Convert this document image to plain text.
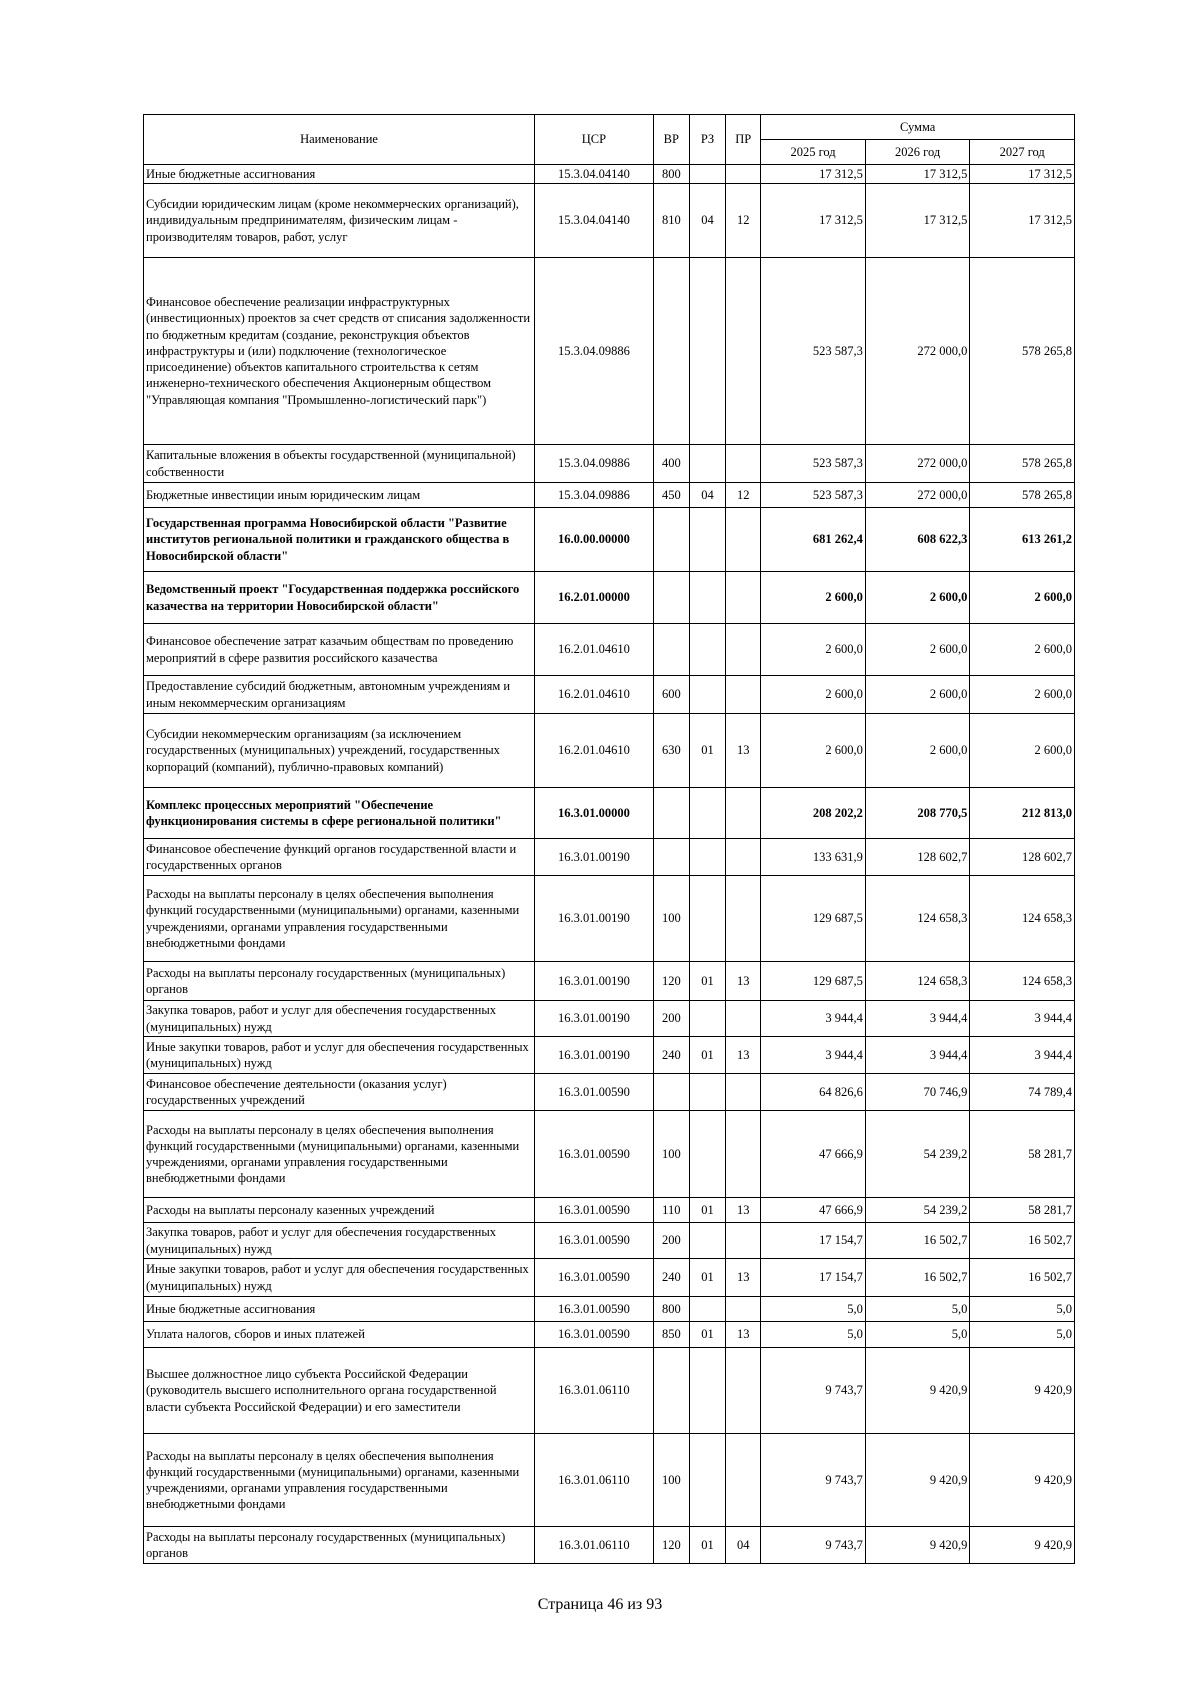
Наименование	ЦСР	ВР	РЗ	ПР	Сумма		
					2025 год	2026 год	2027 год
Иные бюджетные ассигнования	15.3.04.04140	800			17 312,5	17 312,5	17 312,5
Субсидии юридическим лицам (кроме некоммерческих организаций), индивидуальным предпринимателям, физическим лицам - производителям товаров, работ, услуг	15.3.04.04140	810	04	12	17 312,5	17 312,5	17 312,5
Финансовое обеспечение реализации инфраструктурных (инвестиционных) проектов за счет средств от списания задолженности по бюджетным кредитам (создание, реконструкция объектов инфраструктуры и (или) подключение (технологическое присоединение) объектов капитального строительства к сетям инженерно-технического обеспечения Акционерным обществом "Управляющая компания "Промышленно-логистический парк")	15.3.04.09886				523 587,3	272 000,0	578 265,8
Капитальные вложения в объекты государственной (муниципальной) собственности	15.3.04.09886	400			523 587,3	272 000,0	578 265,8
Бюджетные инвестиции иным юридическим лицам	15.3.04.09886	450	04	12	523 587,3	272 000,0	578 265,8
Государственная программа Новосибирской области "Развитие институтов региональной политики и гражданского общества в Новосибирской области"	16.0.00.00000				681 262,4	608 622,3	613 261,2
Ведомственный проект "Государственная поддержка российского казачества на территории Новосибирской области"	16.2.01.00000				2 600,0	2 600,0	2 600,0
Финансовое обеспечение затрат казачьим обществам по проведению мероприятий в сфере развития российского казачества	16.2.01.04610				2 600,0	2 600,0	2 600,0
Предоставление субсидий бюджетным, автономным учреждениям и иным некоммерческим организациям	16.2.01.04610	600			2 600,0	2 600,0	2 600,0
Субсидии некоммерческим организациям (за исключением государственных (муниципальных) учреждений, государственных корпораций (компаний), публично-правовых компаний)	16.2.01.04610	630	01	13	2 600,0	2 600,0	2 600,0
Комплекс процессных мероприятий "Обеспечение функционирования системы в сфере региональной политики"	16.3.01.00000				208 202,2	208 770,5	212 813,0
Финансовое обеспечение функций органов государственной власти и государственных органов	16.3.01.00190				133 631,9	128 602,7	128 602,7
Расходы на выплаты персоналу в целях обеспечения выполнения функций государственными (муниципальными) органами, казенными учреждениями, органами управления государственными внебюджетными фондами	16.3.01.00190	100			129 687,5	124 658,3	124 658,3
Расходы на выплаты персоналу государственных (муниципальных) органов	16.3.01.00190	120	01	13	129 687,5	124 658,3	124 658,3
Закупка товаров, работ и услуг для обеспечения государственных (муниципальных) нужд	16.3.01.00190	200			3 944,4	3 944,4	3 944,4
Иные закупки товаров, работ и услуг для обеспечения государственных (муниципальных) нужд	16.3.01.00190	240	01	13	3 944,4	3 944,4	3 944,4
Финансовое обеспечение деятельности (оказания услуг) государственных учреждений	16.3.01.00590				64 826,6	70 746,9	74 789,4
Расходы на выплаты персоналу в целях обеспечения выполнения функций государственными (муниципальными) органами, казенными учреждениями, органами управления государственными внебюджетными фондами	16.3.01.00590	100			47 666,9	54 239,2	58 281,7
Расходы на выплаты персоналу казенных учреждений	16.3.01.00590	110	01	13	47 666,9	54 239,2	58 281,7
Закупка товаров, работ и услуг для обеспечения государственных (муниципальных) нужд	16.3.01.00590	200			17 154,7	16 502,7	16 502,7
Иные закупки товаров, работ и услуг для обеспечения государственных (муниципальных) нужд	16.3.01.00590	240	01	13	17 154,7	16 502,7	16 502,7
Иные бюджетные ассигнования	16.3.01.00590	800			5,0	5,0	5,0
Уплата налогов, сборов и иных платежей	16.3.01.00590	850	01	13	5,0	5,0	5,0
Высшее должностное лицо субъекта Российской Федерации (руководитель высшего исполнительного органа государственной власти субъекта Российской Федерации) и его заместители	16.3.01.06110				9 743,7	9 420,9	9 420,9
Расходы на выплаты персоналу в целях обеспечения выполнения функций государственными (муниципальными) органами, казенными учреждениями, органами управления государственными внебюджетными фондами	16.3.01.06110	100			9 743,7	9 420,9	9 420,9
Расходы на выплаты персоналу государственных (муниципальных) органов	16.3.01.06110	120	01	04	9 743,7	9 420,9	9 420,9
Страница 46 из 93
